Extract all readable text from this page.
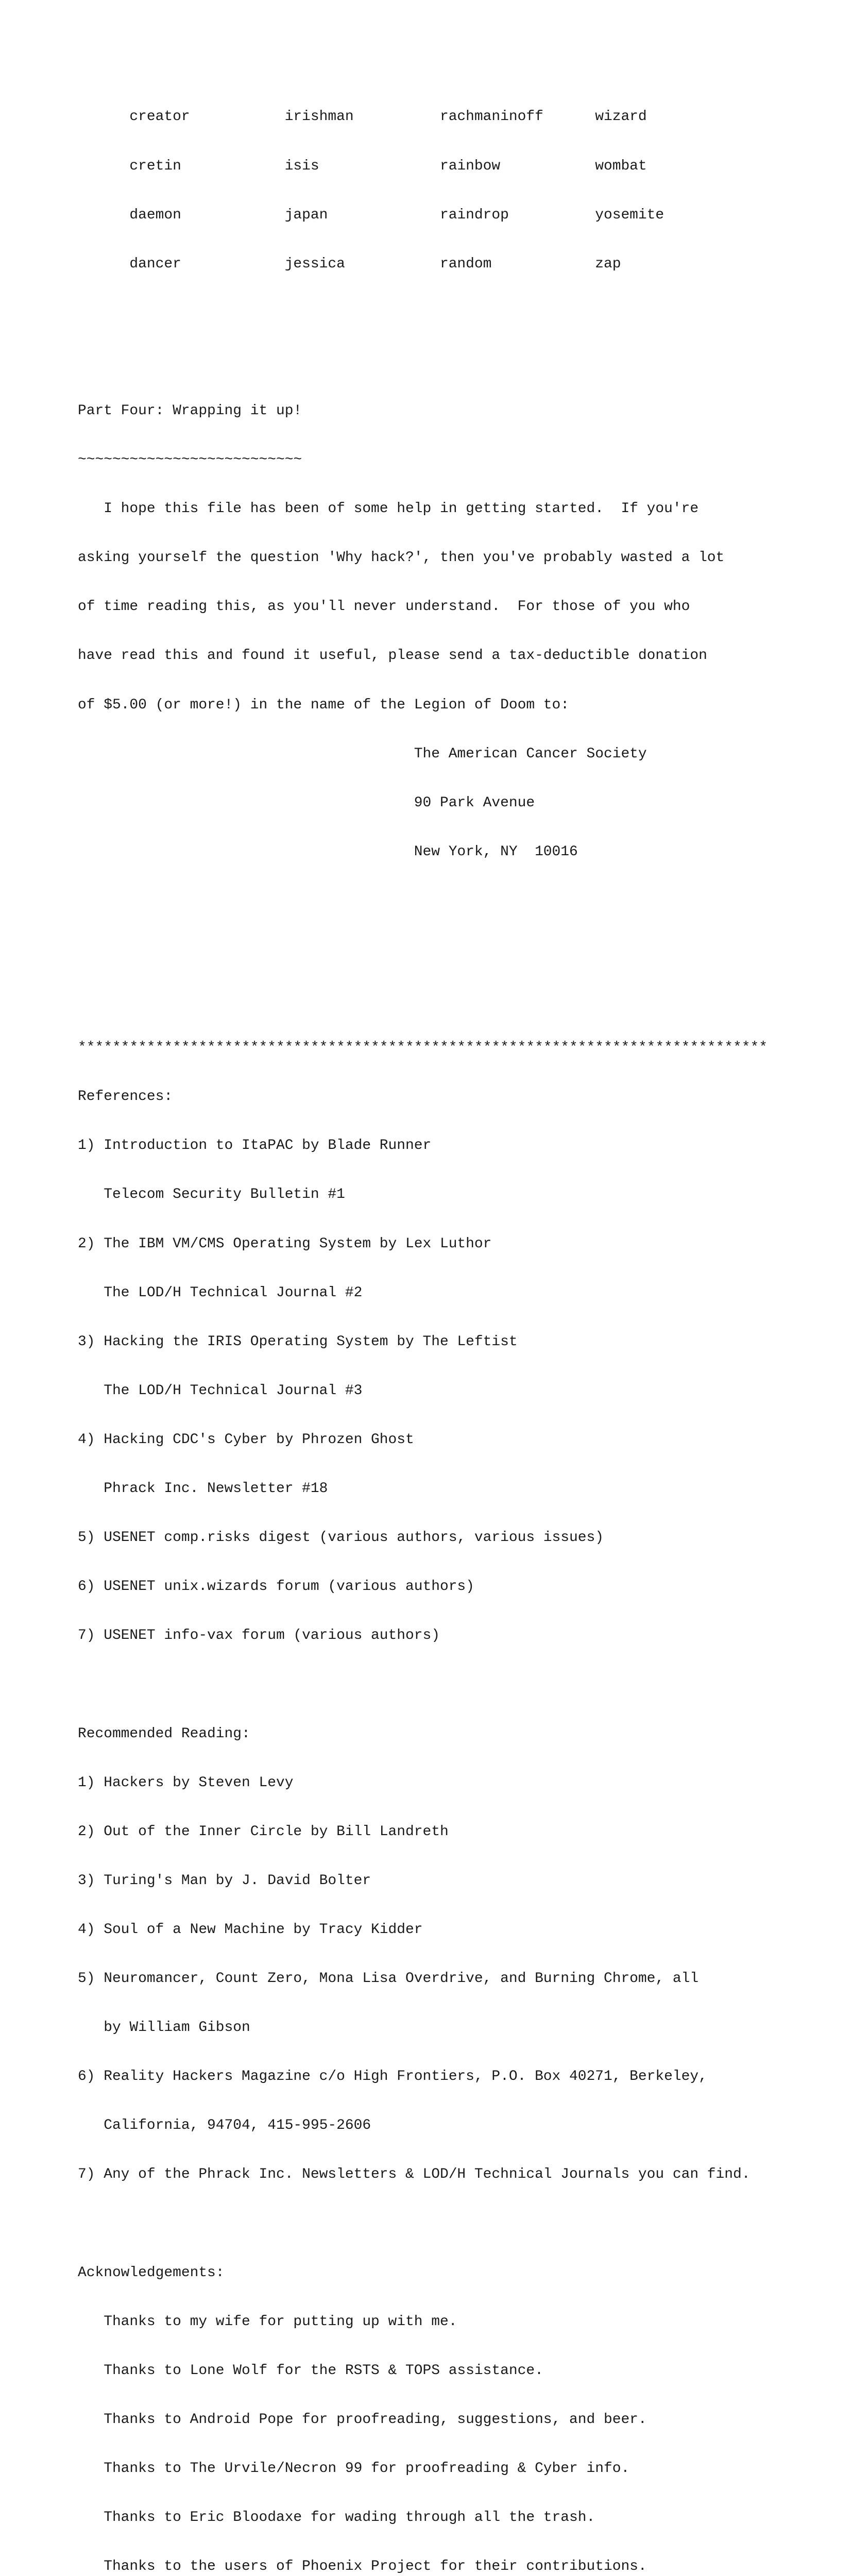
creator           irishman          rachmaninoff      wizard

cretin            isis              rainbow           wombat

daemon            japan             raindrop          yosemite

dancer            jessica           random            zap

Part Four: Wrapping it up!

~~~~~~~~~~~~~~~~~~~~~~~~~~

I hope this file has been of some help in getting started.  If you're

asking yourself the question 'Why hack?', then you've probably wasted a lot

of time reading this, as you'll never understand.  For those of you who

have read this and found it useful, please send a tax-deductible donation

of $5.00 (or more!) in the name of the Legion of Doom to:

The American Cancer Society

90 Park Avenue

New York, NY  10016

********************************************************************************

References:

1) Introduction to ItaPAC by Blade Runner

Telecom Security Bulletin #1

2) The IBM VM/CMS Operating System by Lex Luthor

The LOD/H Technical Journal #2

3) Hacking the IRIS Operating System by The Leftist

The LOD/H Technical Journal #3

4) Hacking CDC's Cyber by Phrozen Ghost

Phrack Inc. Newsletter #18

5) USENET comp.risks digest (various authors, various issues)

6) USENET unix.wizards forum (various authors)

7) USENET info-vax forum (various authors)

Recommended Reading:

1) Hackers by Steven Levy

2) Out of the Inner Circle by Bill Landreth

3) Turing's Man by J. David Bolter

4) Soul of a New Machine by Tracy Kidder

5) Neuromancer, Count Zero, Mona Lisa Overdrive, and Burning Chrome, all

by William Gibson

6) Reality Hackers Magazine c/o High Frontiers, P.O. Box 40271, Berkeley,

California, 94704, 415-995-2606

7) Any of the Phrack Inc. Newsletters & LOD/H Technical Journals you can find.

Acknowledgements:

Thanks to my wife for putting up with me.

Thanks to Lone Wolf for the RSTS & TOPS assistance.

Thanks to Android Pope for proofreading, suggestions, and beer.

Thanks to The Urvile/Necron 99 for proofreading & Cyber info.

Thanks to Eric Bloodaxe for wading through all the trash.

Thanks to the users of Phoenix Project for their contributions.
